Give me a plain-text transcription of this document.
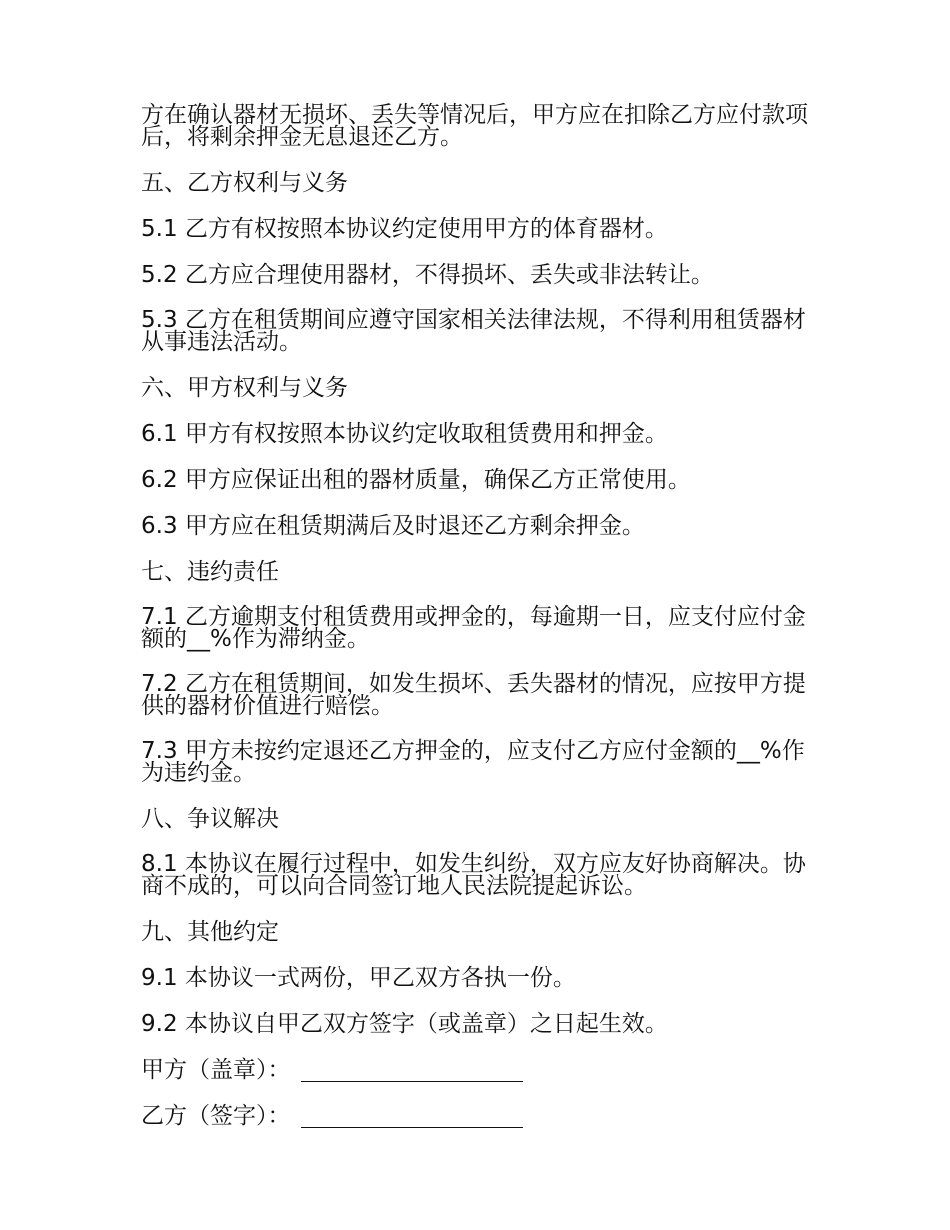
方在确认器材无损坏、丢失等情况后，甲方应在扣除乙方应付款项后，将剩余押金无息退还乙方。

五、乙方权利与义务

5.1 乙方有权按照本协议约定使用甲方的体育器材。

5.2 乙方应合理使用器材，不得损坏、丢失或非法转让。

5.3 乙方在租赁期间应遵守国家相关法律法规，不得利用租赁器材从事违法活动。

六、甲方权利与义务

6.1 甲方有权按照本协议约定收取租赁费用和押金。

6.2 甲方应保证出租的器材质量，确保乙方正常使用。

6.3 甲方应在租赁期满后及时退还乙方剩余押金。

七、违约责任

7.1 乙方逾期支付租赁费用或押金的，每逾期一日，应支付应付金额的__%作为滞纳金。

7.2 乙方在租赁期间，如发生损坏、丢失器材的情况，应按甲方提供的器材价值进行赔偿。

7.3 甲方未按约定退还乙方押金的，应支付乙方应付金额的__%作为违约金。

八、争议解决

8.1 本协议在履行过程中，如发生纠纷，双方应友好协商解决。协商不成的，可以向合同签订地人民法院提起诉讼。

九、其他约定

9.1 本协议一式两份，甲乙双方各执一份。

9.2 本协议自甲乙双方签字（或盖章）之日起生效。

甲方（盖章）：
乙方（签字）：
